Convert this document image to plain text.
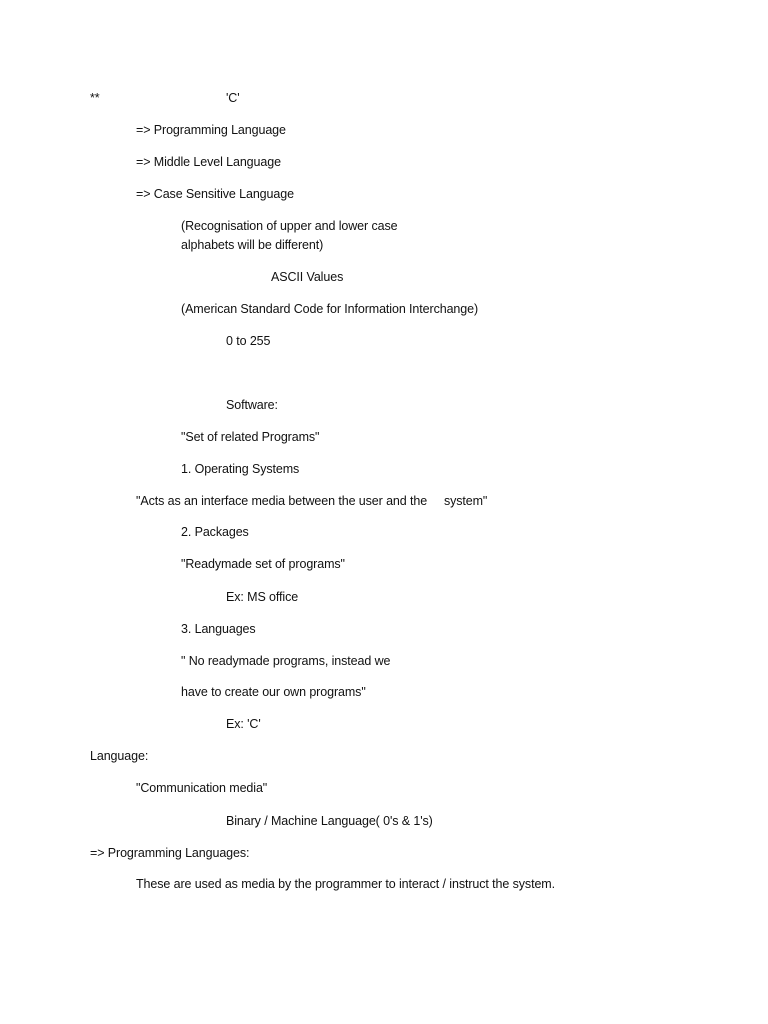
**	'C'
=> Programming Language
=> Middle Level Language
=> Case Sensitive Language
(Recognisation of upper and lower case
alphabets will be different)
ASCII Values
(American Standard Code for Information Interchange)
0 to 255
Software:
"Set of related Programs"
1. Operating Systems
"Acts as an interface media between the user and the     system"
2. Packages
"Readymade set of programs"
Ex: MS office
3. Languages
" No readymade programs, instead we
have to create our own programs"
Ex: 'C'
Language:
"Communication media"
Binary / Machine Language( 0's & 1's)
=> Programming Languages:
These are used as media by the programmer to interact / instruct the system.
